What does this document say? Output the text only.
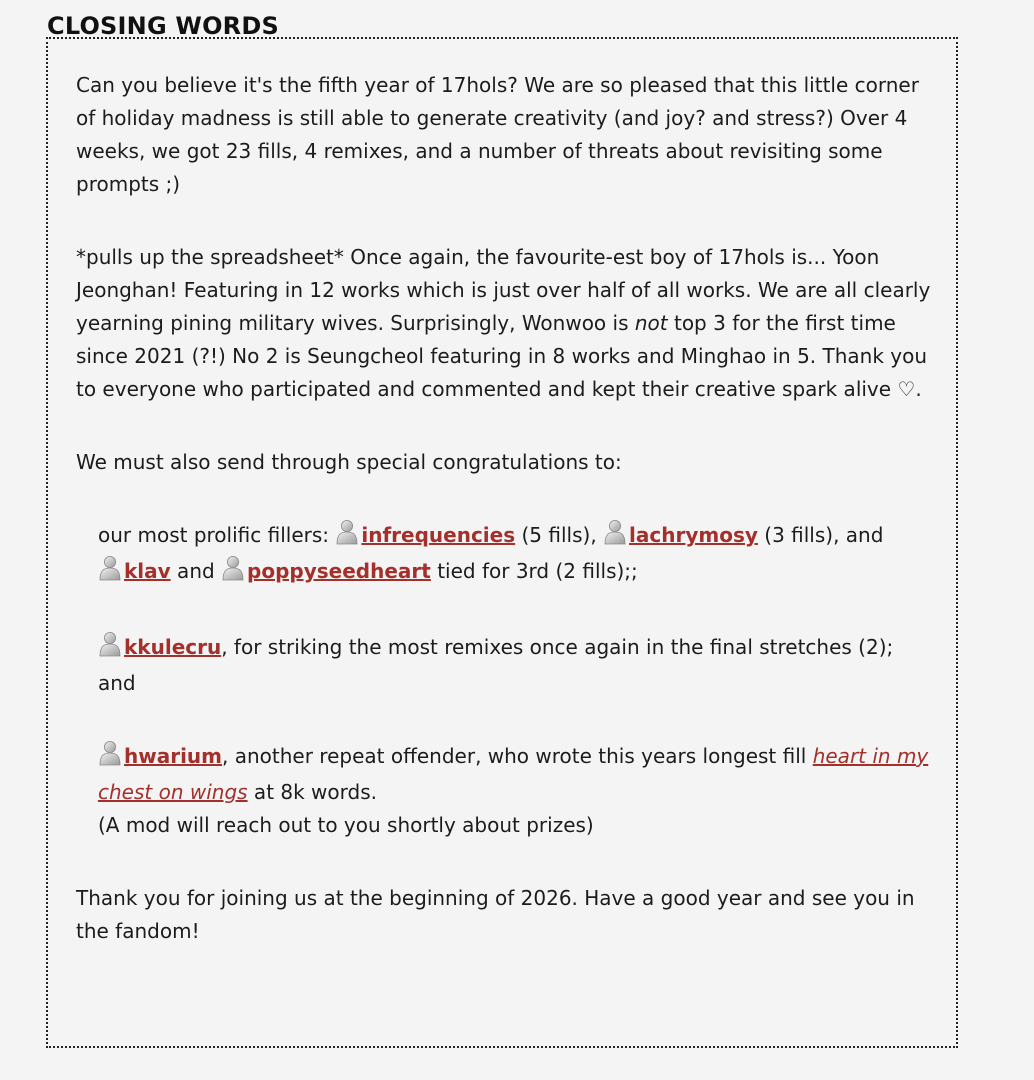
CLOSING WORDS

Can you believe it's the fifth year of 17hols? We are so pleased that this little corner of holiday madness is still able to generate creativity (and joy? and stress?) Over 4 weeks, we got 23 fills, 4 remixes, and a number of threats about revisiting some prompts ;)

*pulls up the spreadsheet* Once again, the favourite-est boy of 17hols is... Yoon Jeonghan! Featuring in 12 works which is just over half of all works. We are all clearly yearning pining military wives. Surprisingly, Wonwoo is not top 3 for the first time since 2021 (?!) No 2 is Seungcheol featuring in 8 works and Minghao in 5. Thank you to everyone who participated and commented and kept their creative spark alive ♡.

We must also send through special congratulations to:

our most prolific fillers: infrequencies (5 fills), lachrymosy (3 fills), and klav and poppyseedheart tied for 3rd (2 fills);;

kkulecru, for striking the most remixes once again in the final stretches (2); and

hwarium, another repeat offender, who wrote this years longest fill heart in my chest on wings at 8k words.
(A mod will reach out to you shortly about prizes)

Thank you for joining us at the beginning of 2026. Have a good year and see you in the fandom!
